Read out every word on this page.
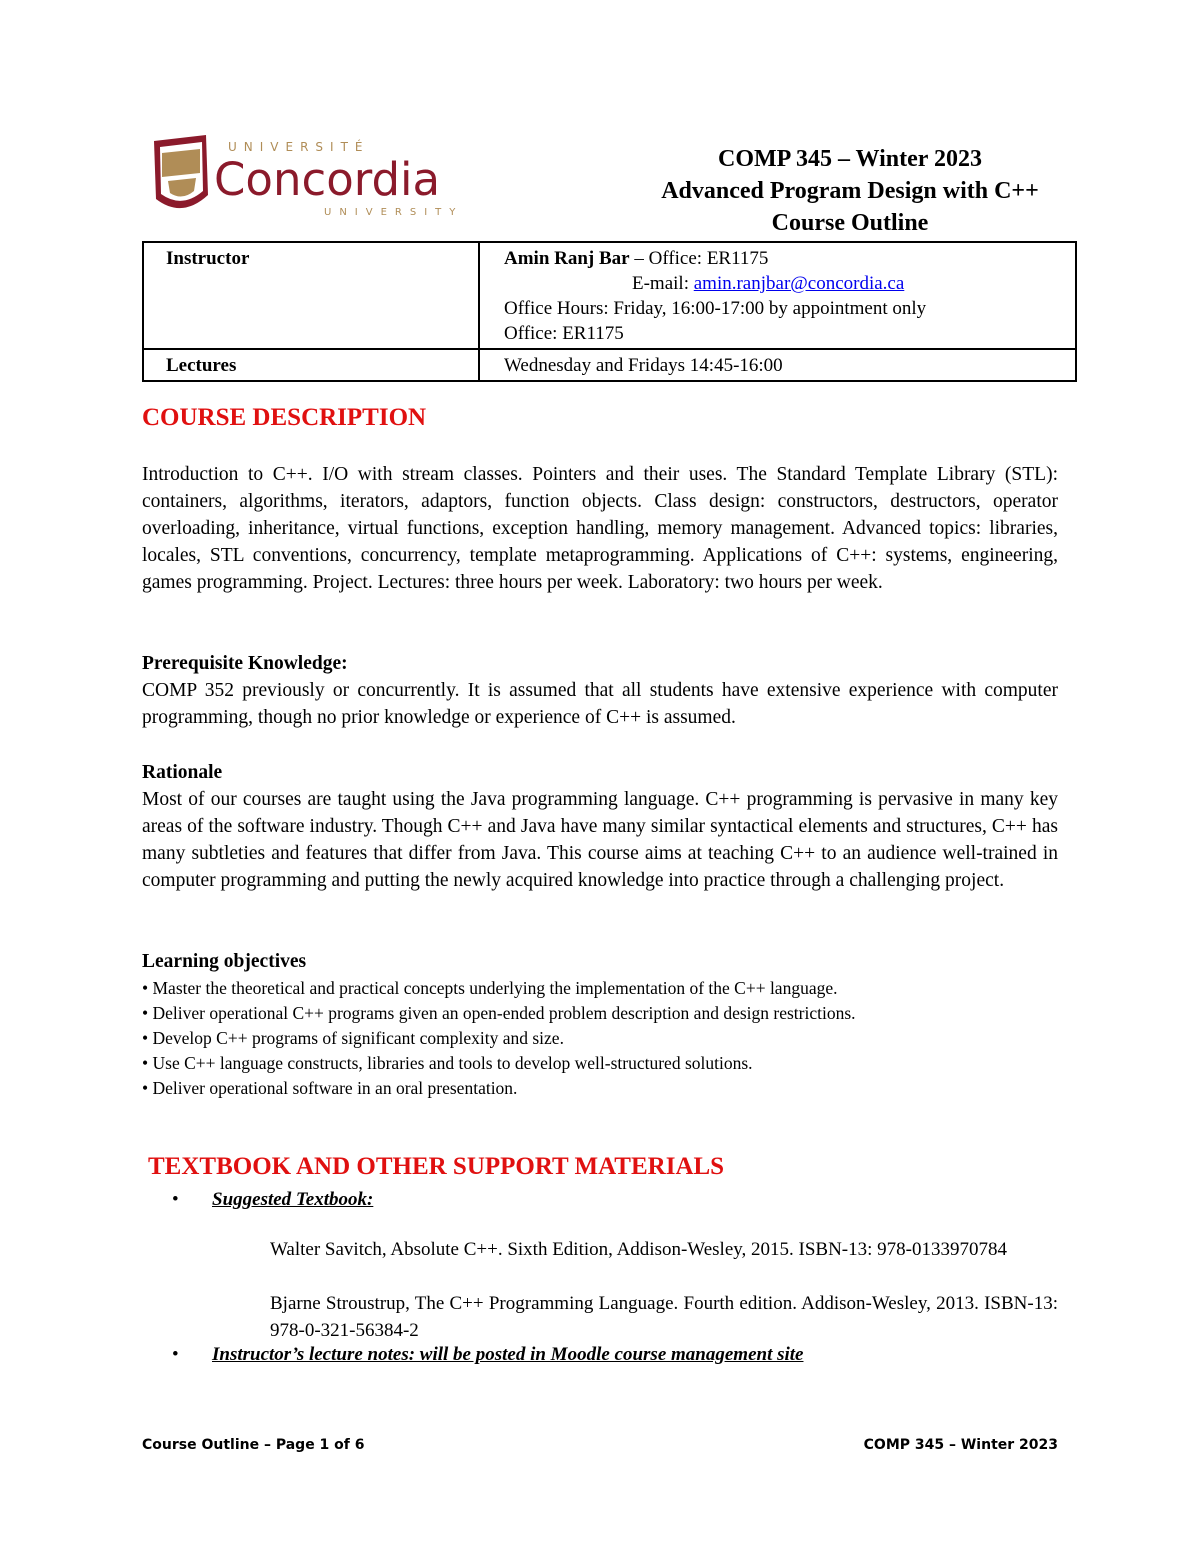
UNIVERSITÉ
Concordia
UNIVERSITY
COMP 345 – Winter 2023
Advanced Program Design with C++
Course Outline
Instructor	Amin Ranj Bar – Office: ER1175
E-mail: amin.ranjbar@concordia.ca
Office Hours: Friday, 16:00-17:00 by appointment only
Office: ER1175

Lectures	Wednesday and Fridays 14:45-16:00
COURSE DESCRIPTION
Introduction to C++. I/O with stream classes. Pointers and their uses. The Standard Template Library (STL): containers, algorithms, iterators, adaptors, function objects. Class design: constructors, destructors, operator overloading, inheritance, virtual functions, exception handling, memory management. Advanced topics: libraries, locales, STL conventions, concurrency, template metaprogramming. Applications of C++: systems, engineering, games programming. Project. Lectures: three hours per week. Laboratory: two hours per week.

Prerequisite Knowledge:

COMP 352 previously or concurrently. It is assumed that all students have extensive experience with computer programming, though no prior knowledge or experience of C++ is assumed.

Rationale

Most of our courses are taught using the Java programming language. C++ programming is pervasive in many key areas of the software industry. Though C++ and Java have many similar syntactical elements and structures, C++ has many subtleties and features that differ from Java. This course aims at teaching C++ to an audience well-trained in computer programming and putting the newly acquired knowledge into practice through a challenging project.

Learning objectives

• Master the theoretical and practical concepts underlying the implementation of the C++ language.
• Deliver operational C++ programs given an open-ended problem description and design restrictions.
• Develop C++ programs of significant complexity and size.
• Use C++ language constructs, libraries and tools to develop well-structured solutions.
• Deliver operational software in an oral presentation.
TEXTBOOK AND OTHER SUPPORT MATERIALS
• Suggested Textbook:
Walter Savitch, Absolute C++. Sixth Edition, Addison-Wesley, 2015. ISBN-13: 978-0133970784
Bjarne Stroustrup, The C++ Programming Language. Fourth edition. Addison-Wesley, 2013. ISBN-13: 978-0-321-56384-2
• Instructor’s lecture notes: will be posted in Moodle course management site
Course Outline – Page 1 of 6	COMP 345 – Winter 2023
